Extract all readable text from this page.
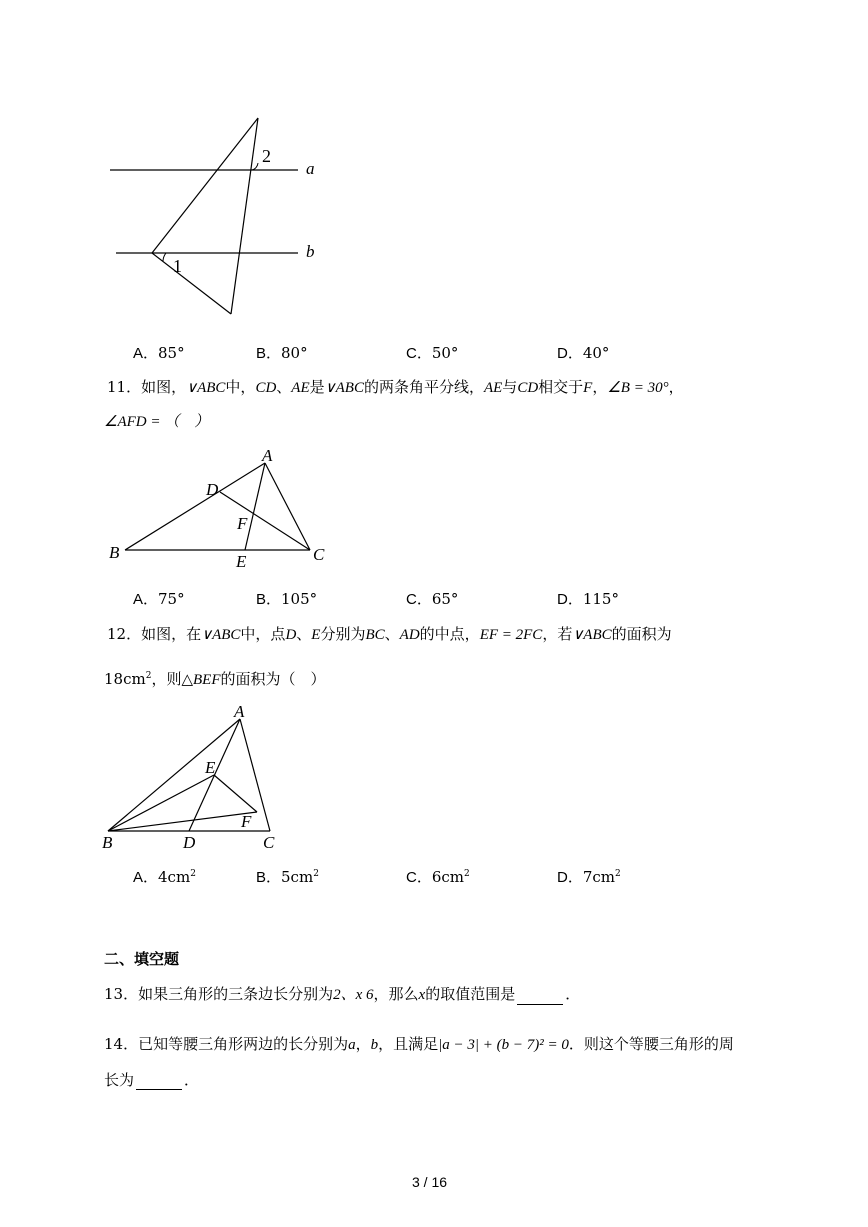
2
1
a
b
A．85°	B．80°	C．50°	D．40°
11．如图，∨ABC中，CD、AE是∨ABC的两条角平分线，AE与CD相交于F，∠B = 30°，
∠AFD = （　）
A
B	C
D
E
F
A．75°	B．105°	C．65°	D．115°
12．如图，在∨ABC中，点D、E分别为BC、AD的中点，EF = 2FC，若∨ABC的面积为
$18cm^2$，则△BEF的面积为（　）
A
B	C
D
E
F
A．$4cm^2$	B．$5cm^2$	C．$6cm^2$	D．$7cm^2$
二、填空题
13．如果三角形的三条边长分别为2、x 6，那么x的取值范围是	．
14．已知等腰三角形两边的长分别为a，b，且满足|a − 3| + (b − 7)² = 0．则这个等腰三角形的周
长为	．
3 / 16
